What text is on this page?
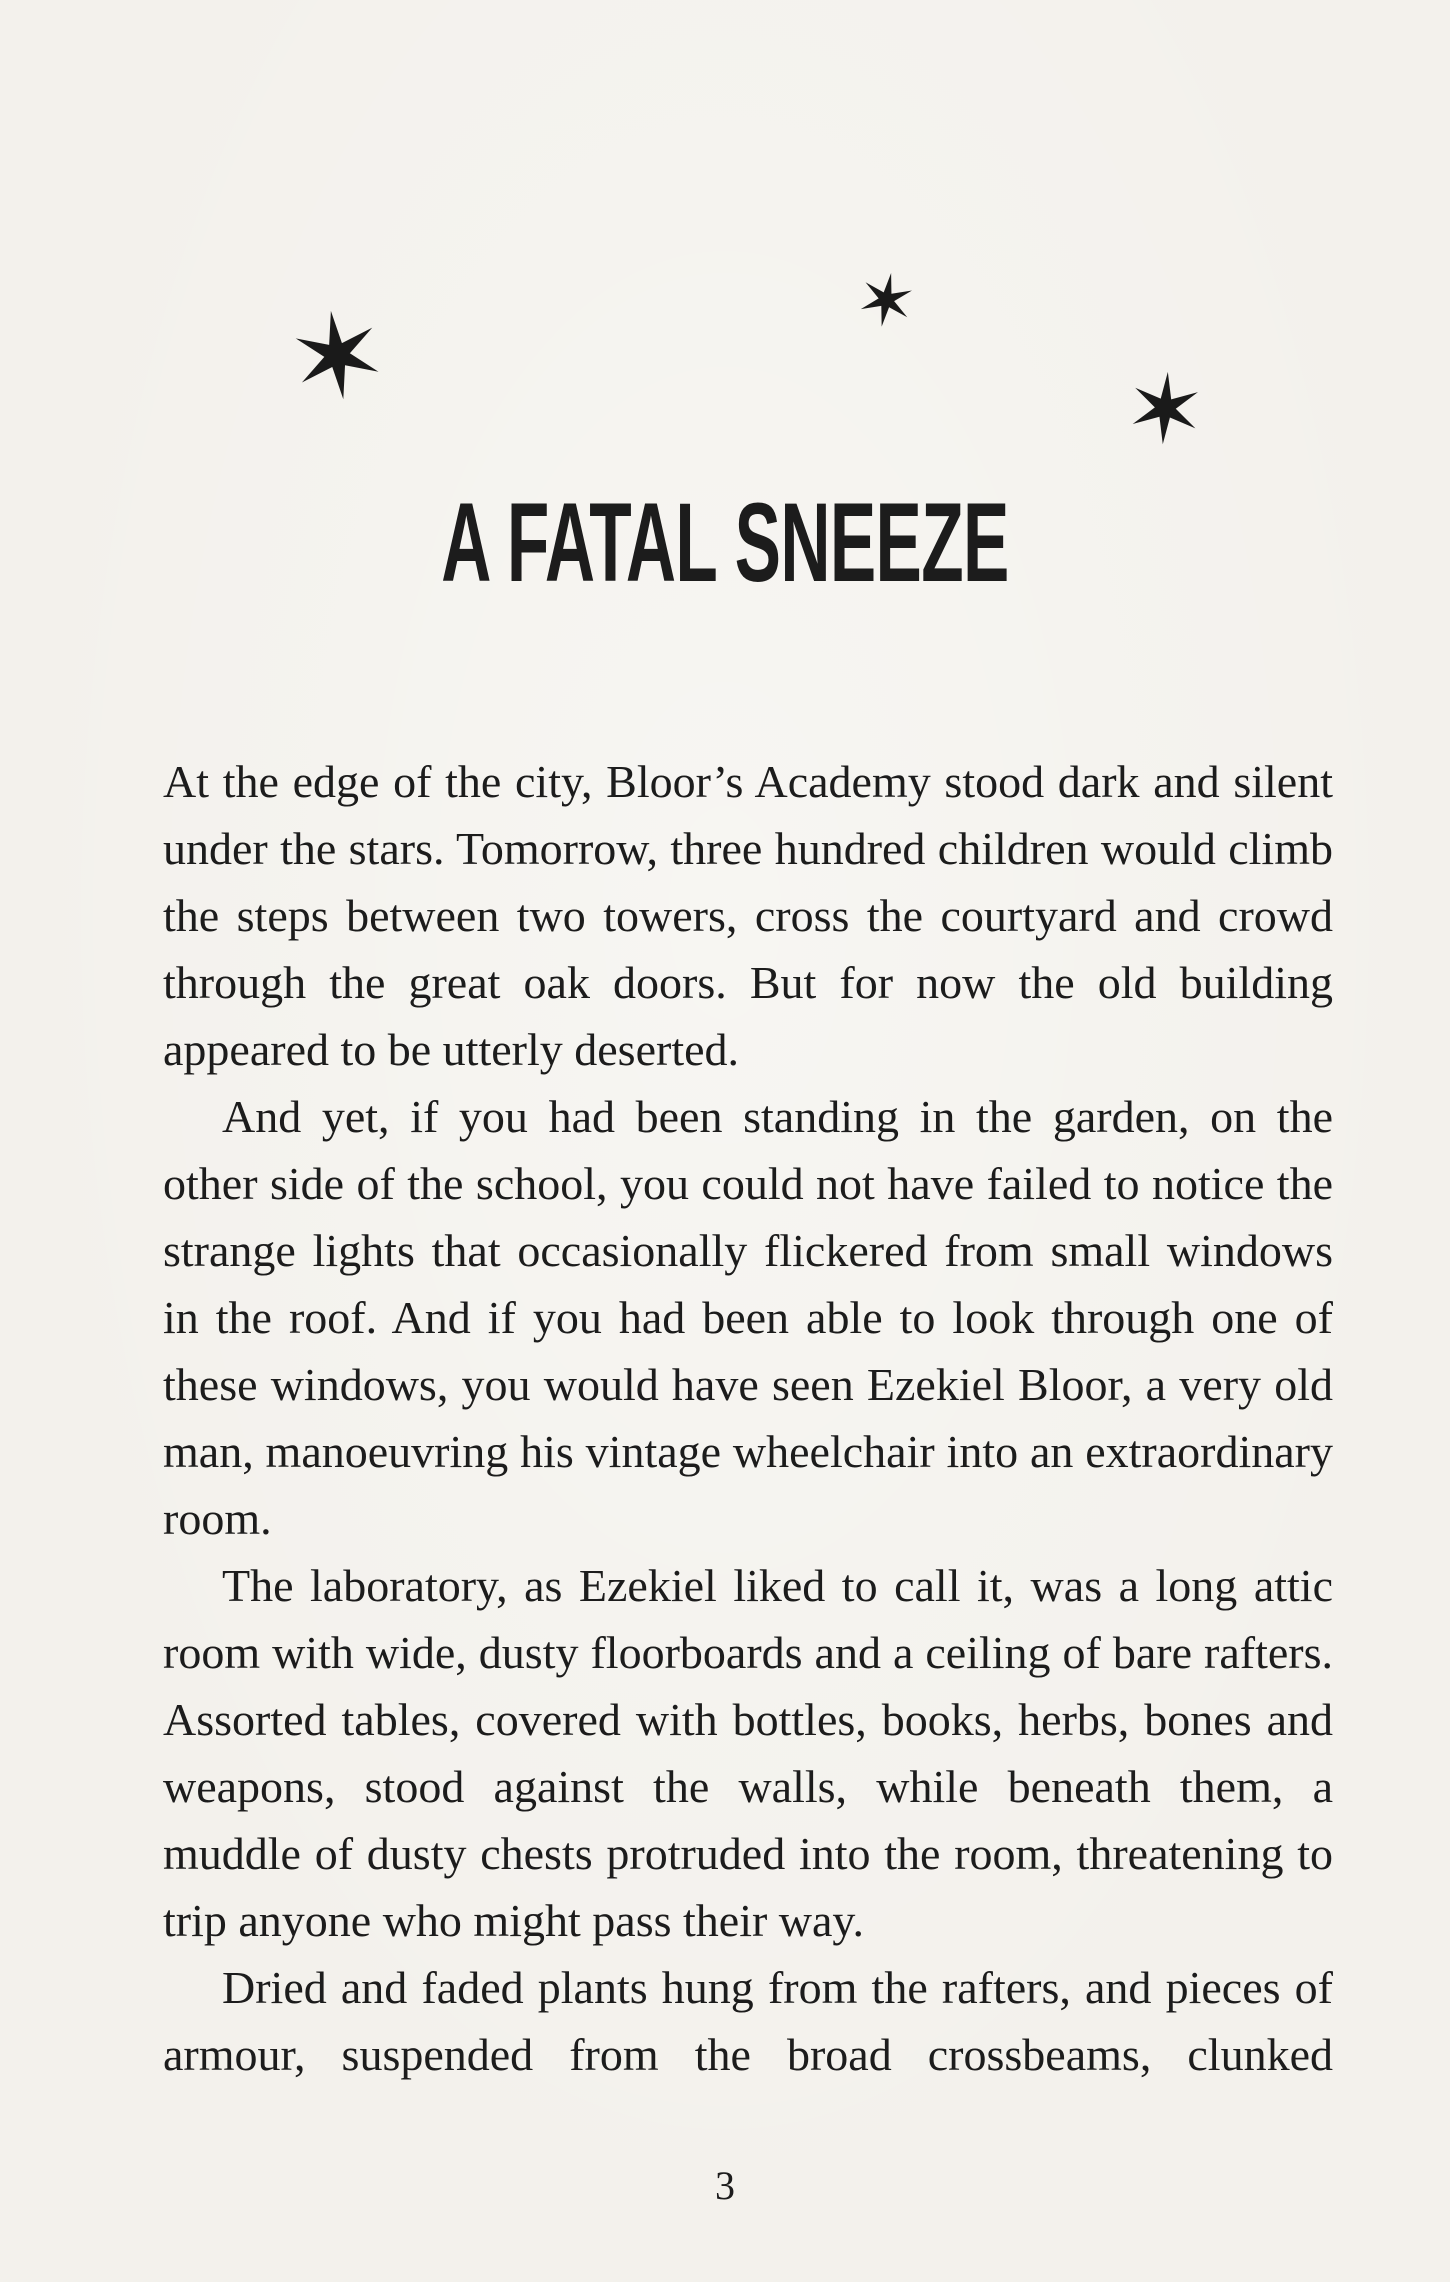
✶	✶
✶
A FATAL SNEEZE

At the edge of the city, Bloor’s Academy stood dark and silent under the stars. Tomorrow, three hundred children would climb the steps between two towers, cross the courtyard and crowd through the great oak doors. But for now the old building appeared to be utterly deserted.

And yet, if you had been standing in the garden, on the other side of the school, you could not have failed to notice the strange lights that occasionally flickered from small windows in the roof. And if you had been able to look through one of these windows, you would have seen Ezekiel Bloor, a very old man, manoeuvring his vintage wheelchair into an extraordinary room.

The laboratory, as Ezekiel liked to call it, was a long attic room with wide, dusty floorboards and a ceiling of bare rafters. Assorted tables, covered with bottles, books, herbs, bones and weapons, stood against the walls, while beneath them, a muddle of dusty chests protruded into the room, threatening to trip anyone who might pass their way.

Dried and faded plants hung from the rafters, and pieces of armour, suspended from the broad crossbeams, clunked

3
